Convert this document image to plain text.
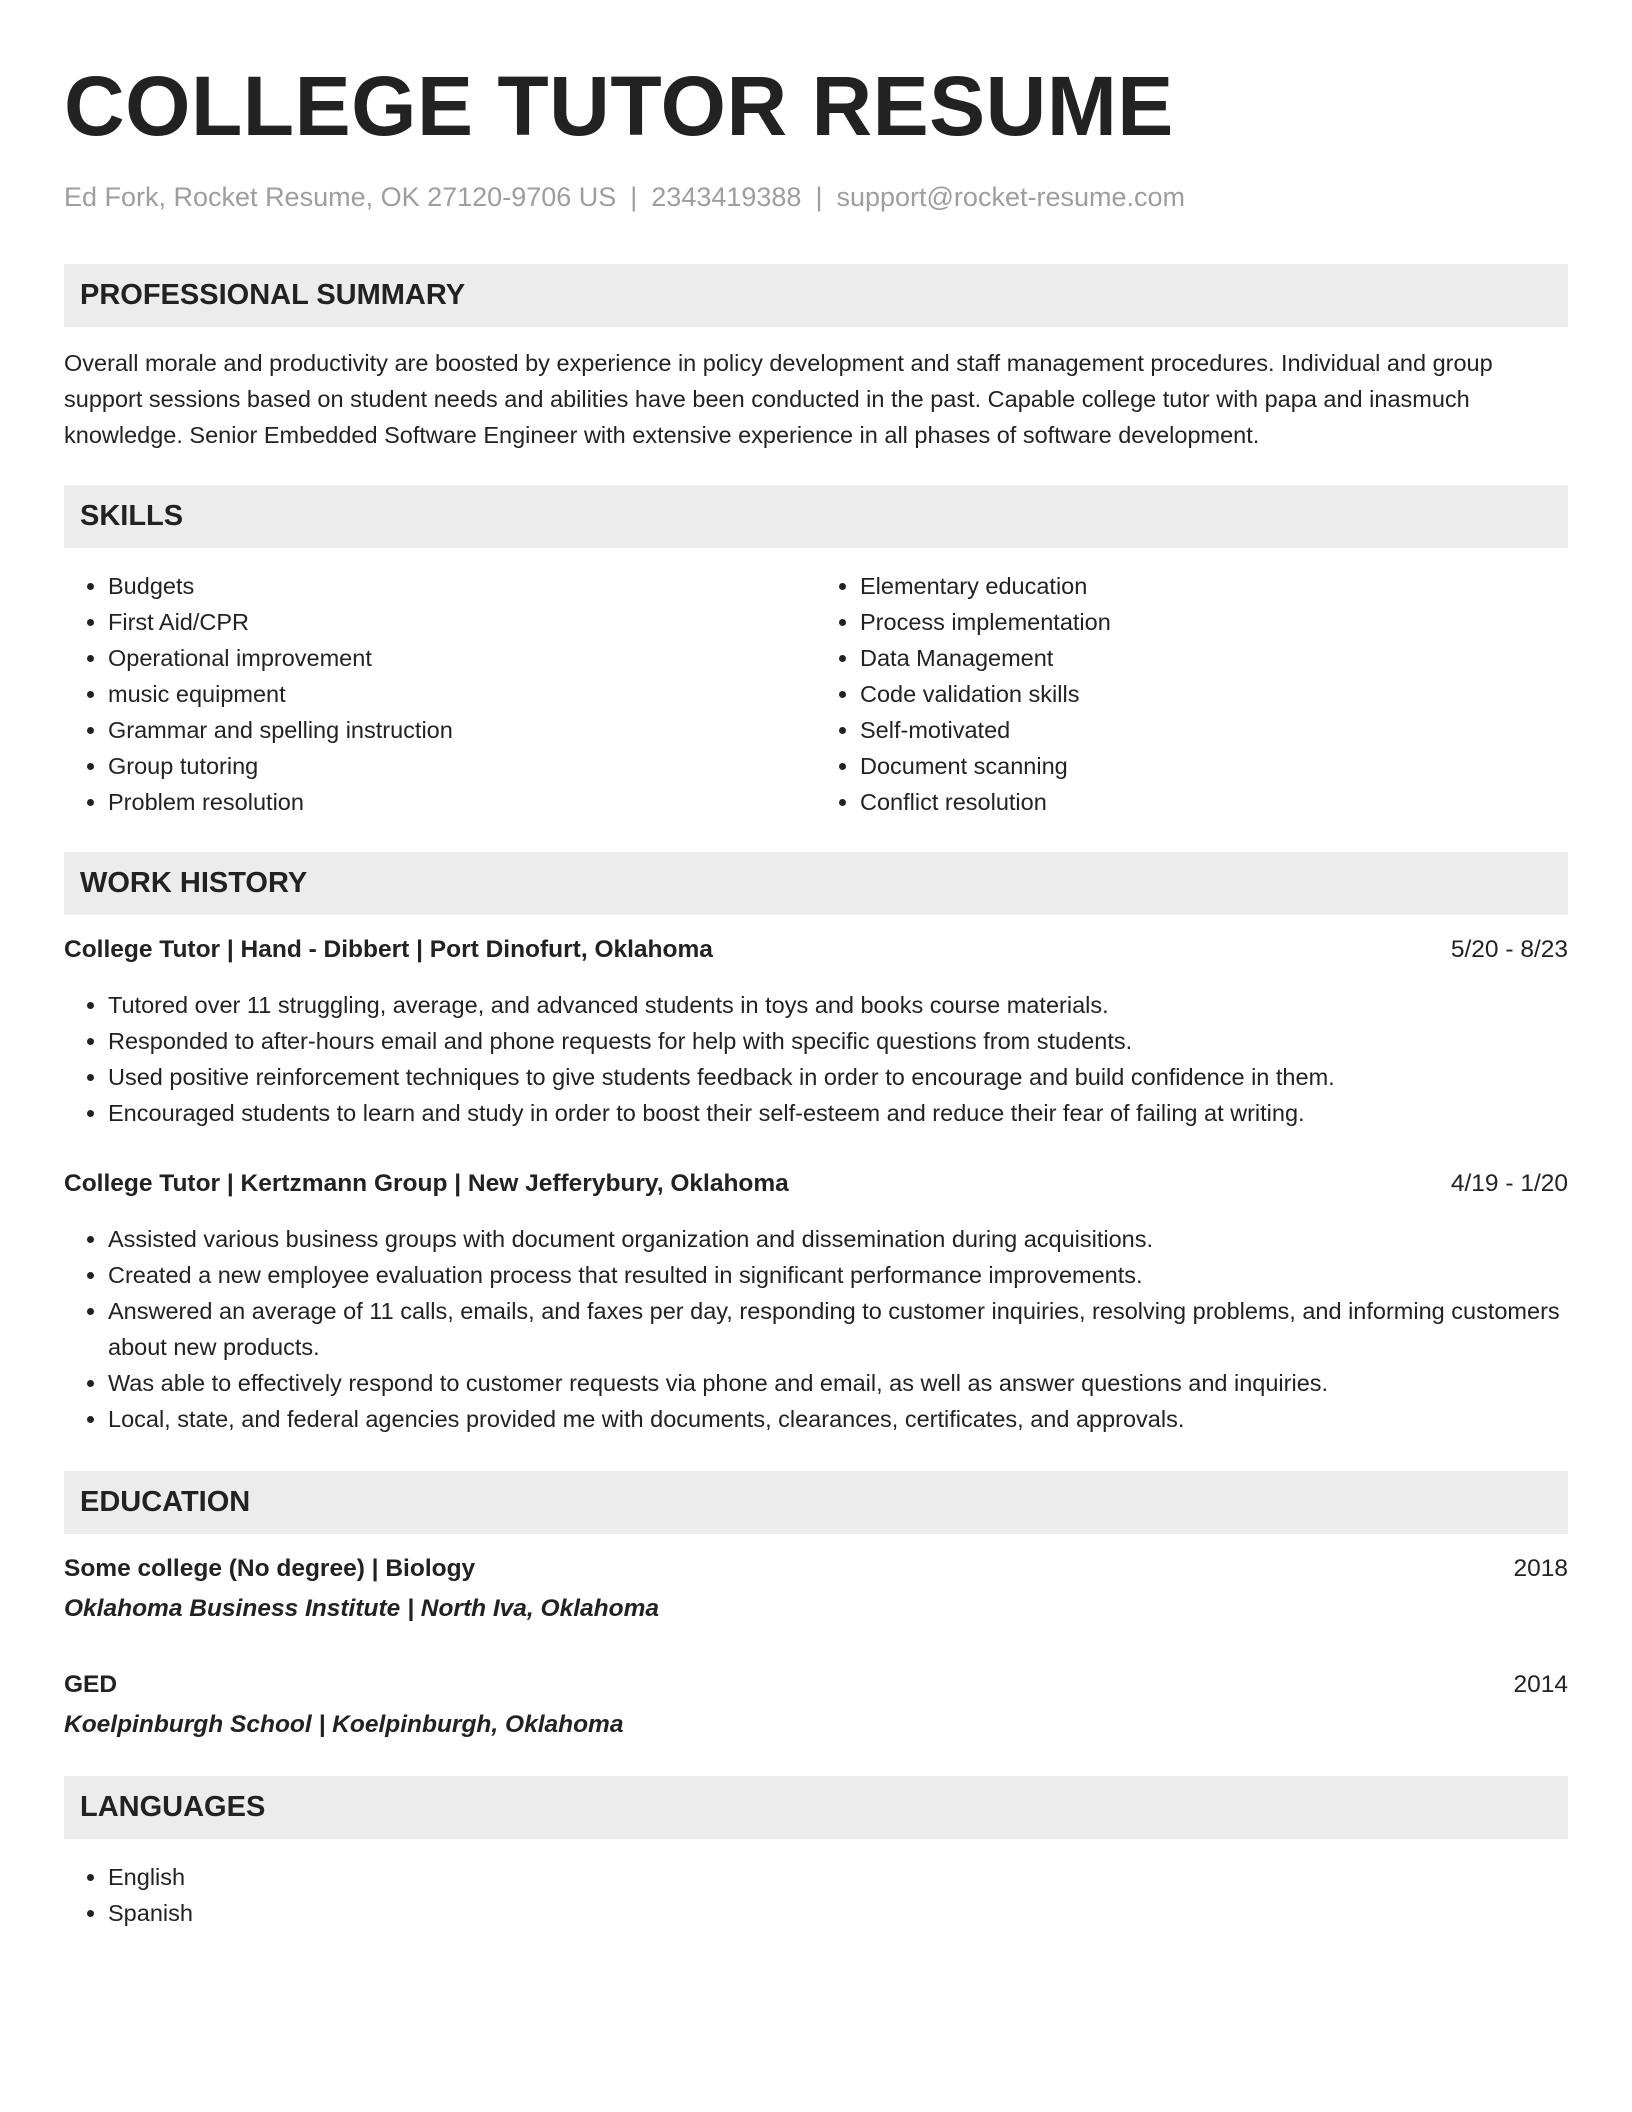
COLLEGE TUTOR RESUME
Ed Fork, Rocket Resume, OK 27120-9706 US | 2343419388 | support@rocket-resume.com
PROFESSIONAL SUMMARY
Overall morale and productivity are boosted by experience in policy development and staff management procedures. Individual and group support sessions based on student needs and abilities have been conducted in the past. Capable college tutor with papa and inasmuch knowledge. Senior Embedded Software Engineer with extensive experience in all phases of software development.
SKILLS
• Budgets
• First Aid/CPR
• Operational improvement
• music equipment
• Grammar and spelling instruction
• Group tutoring
• Problem resolution
• Elementary education
• Process implementation
• Data Management
• Code validation skills
• Self-motivated
• Document scanning
• Conflict resolution
WORK HISTORY
College Tutor | Hand - Dibbert | Port Dinofurt, Oklahoma	5/20 - 8/23
• Tutored over 11 struggling, average, and advanced students in toys and books course materials.
• Responded to after-hours email and phone requests for help with specific questions from students.
• Used positive reinforcement techniques to give students feedback in order to encourage and build confidence in them.
• Encouraged students to learn and study in order to boost their self-esteem and reduce their fear of failing at writing.
College Tutor | Kertzmann Group | New Jefferybury, Oklahoma	4/19 - 1/20
• Assisted various business groups with document organization and dissemination during acquisitions.
• Created a new employee evaluation process that resulted in significant performance improvements.
• Answered an average of 11 calls, emails, and faxes per day, responding to customer inquiries, resolving problems, and informing customers about new products.
• Was able to effectively respond to customer requests via phone and email, as well as answer questions and inquiries.
• Local, state, and federal agencies provided me with documents, clearances, certificates, and approvals.
EDUCATION
Some college (No degree) | Biology	2018
Oklahoma Business Institute | North Iva, Oklahoma
GED	2014
Koelpinburgh School | Koelpinburgh, Oklahoma
LANGUAGES
• English
• Spanish
